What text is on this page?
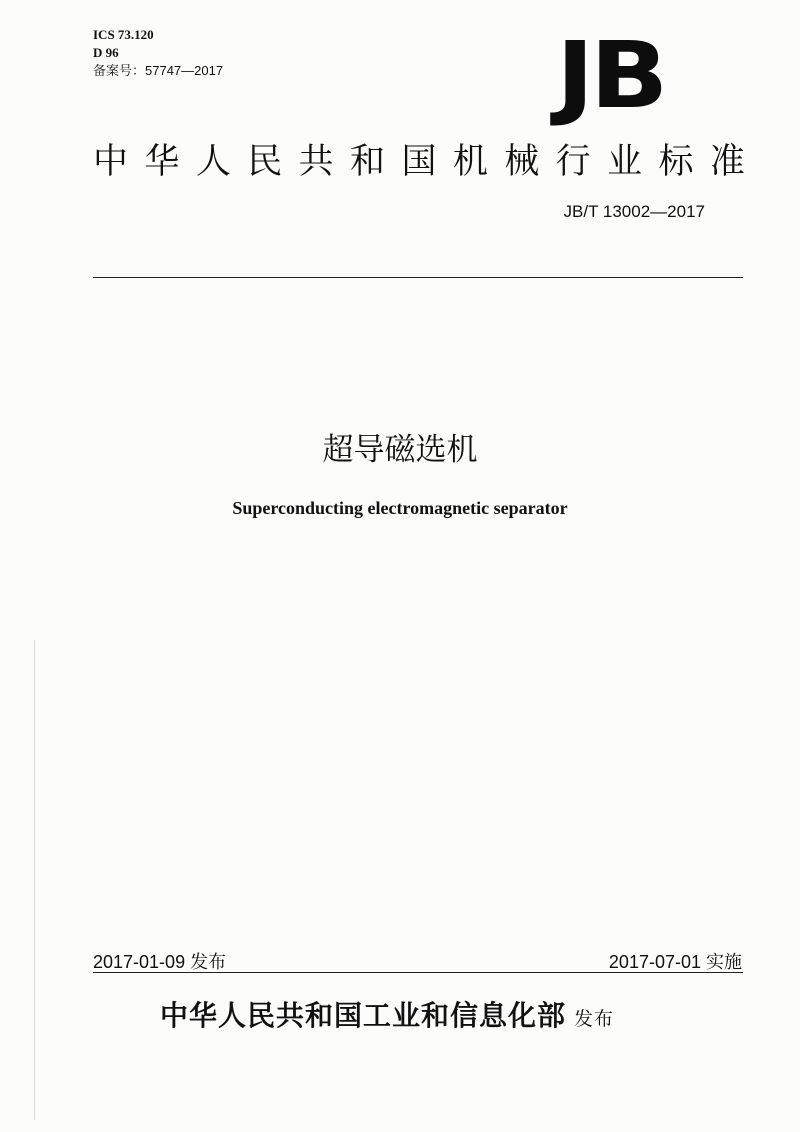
ICS 73.120
D 96
备案号：57747—2017	JB
中 华 人 民 共 和 国 机 械 行 业 标 准
JB/T 13002—2017
超导磁选机
Superconducting electromagnetic separator
2017-01-09 发布	2017-07-01 实施
中华人民共和国工业和信息化部 发布
